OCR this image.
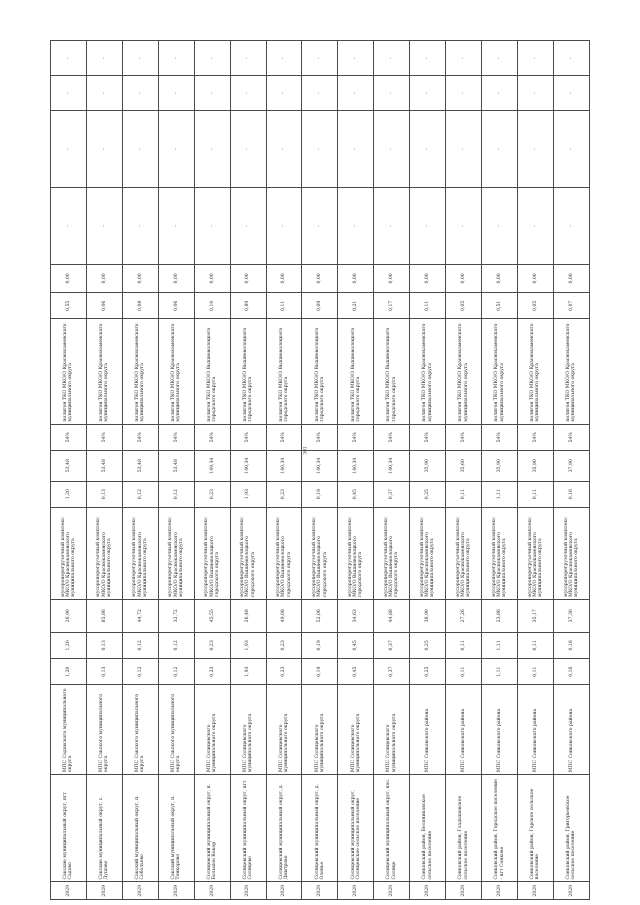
301
2029	Сакские муниципальный округ, пгт Садово	МПС Садовского муниципального округа	1,20	1,20	26,90	мусороперегрузочный комплекс МКО/О Краснокаменского муниципального округа	1,20	53,48	54%	полигон ТКО МКО/О Краснокаменского муниципального округа	0,55	0,00	-	-	-	-
2029	Сакские муниципальный округ, с. Душаво	МПС Сакского муниципального округа	0,13	0,13	85,86	мусороперегрузочный комплекс МКО/О Краснокаменского муниципального округа	0,13	53,48	54%	полигон ТКО МКО/О Краснокаменского муниципального округа	0,06	0,00	-	-	-	-
2029	Сакский муниципальный округ, п. Собольево	МПС Сакского муниципального округа	0,12	0,12	44,72	мусороперегрузочный комплекс МКО/О Краснокаменского муниципального округа	0,12	53,48	54%	полигон ТКО МКО/О Краснокаменского муниципального округа	0,08	0,00	-	-	-	-
2029	Сакский муниципальный округ, п. Тонкорово	МПС Сакского муниципального округа	0,12	0,12	32,72	мусороперегрузочный комплекс МКО/О Краснокаменского муниципального округа	0,12	53,48	54%	полигон ТКО МКО/О Краснокаменского муниципального округа	0,06	0,00	-	-	-	-
2029	Солнцевский муниципальный округ, п. Большое Кокор	МПС Солнцевского муниципального округа	0,23	0,23	45,55	мусороперегрузочный комплекс МКО/О Вышневолоцкого городского округа	0,23	149,34	54%	полигон ТКО МКО/О Вышневолоцкого городского округа	0,10	0,00	-	-	-	-
2029	Солнцевский муниципальный округ, пгт Солнцево	МПС Солнцевского муниципального округа	1,93	1,93	26,48	мусороперегрузочный комплекс МКО/О Вышневолоцкого городского округа	1,93	140,34	54%	полигон ТКО МКО/О Вышневолоцкого городского округа	0,89	0,00	-	-	-	-
2029	Солнцевский муниципальный округ, д. Дмитрово	МПС Солнцевского муниципального округа	0,23	0,23	49,08	мусороперегрузочный комплекс МКО/О Вышневолоцкого городского округа	0,23	140,34	54%	полигон ТКО МКО/О Вышневолоцкого городского округа	0,11	0,00	-	-	-	-
2029	Солнцевский муниципальный округ, д. Оленье	МПС Солнцевского муниципального округа	0,19	0,19	52,06	мусороперегрузочный комплекс МКО/О Вышневолоцкого городского округа	0,19	140,34	54%	полигон ТКО МКО/О Вышневолоцкого городского округа	0,09	0,00	-	-	-	-
2029	Солнцевский муниципальный округ, Солнцевское сельское поселение	МПС Солнцевского муниципального округа	0,45	0,45	34,63	мусороперегрузочный комплекс МКО/О Вышневолоцкого городского округа	0,45	140,34	54%	полигон ТКО МКО/О Вышневолоцкого городского округа	0,21	0,00	-	-	-	-
2029	Солнцевский муниципальный округ, пос. Солнце	МПС Солнцевского муниципального округа	0,37	0,37	44,88	мусороперегрузочный комплекс МКО/О Вышневолоцкого городского округа	0,37	140,34	54%	полигон ТКО МКО/О Вышневолоцкого городского округа	0,17	0,00	-	-	-	-
2029	Сонковский район, Беляниковское сельское поселение	МПС Сонковского района	0,25	0,25	38,90	мусороперегрузочный комплекс МКО/О Краснокаменского муниципального округа	0,25	35,90	54%	полигон ТКО МКО/О Краснокаменского муниципального округа	0,11	0,00	-	-	-	-
2029	Сонковский район, Гладышевское сельское поселение	МПС Сонковского района	0,11	0,11	27,26	мусороперегрузочный комплекс МКО/О Краснокаменского муниципального округа	0,11	35,60	54%	полигон ТКО МКО/О Краснокаменского муниципального округа	0,05	0,00	-	-	-	-
2029	Сонковский район, Городское поселение - пгт Сонково	МПС Сонковского района	1,11	1,11	23,86	мусороперегрузочный комплекс МКО/О Краснокаменского муниципального округа	1,11	35,90	54%	полигон ТКО МКО/О Краснокаменского муниципального округа	0,51	0,00	-	-	-	-
2029	Сонковский район, Горское сельское поселение	МПС Сонковского района	0,11	0,11	35,17	мусороперегрузочный комплекс МКО/О Краснокаменского муниципального округа	0,11	35,90	54%	полигон ТКО МКО/О Краснокаменского муниципального округа	0,05	0,00	-	-	-	-
2029	Сонковский район, Григорьевское сельское поселение	МПС Сонковского района	0,16	0,16	37,30	мусороперегрузочный комплекс МКО/О Краснокаменского муниципального округа	0,16	37,90	54%	полигон ТКО МКО/О Краснокаменского муниципального округа	0,07	0,00	-	-	-	-
